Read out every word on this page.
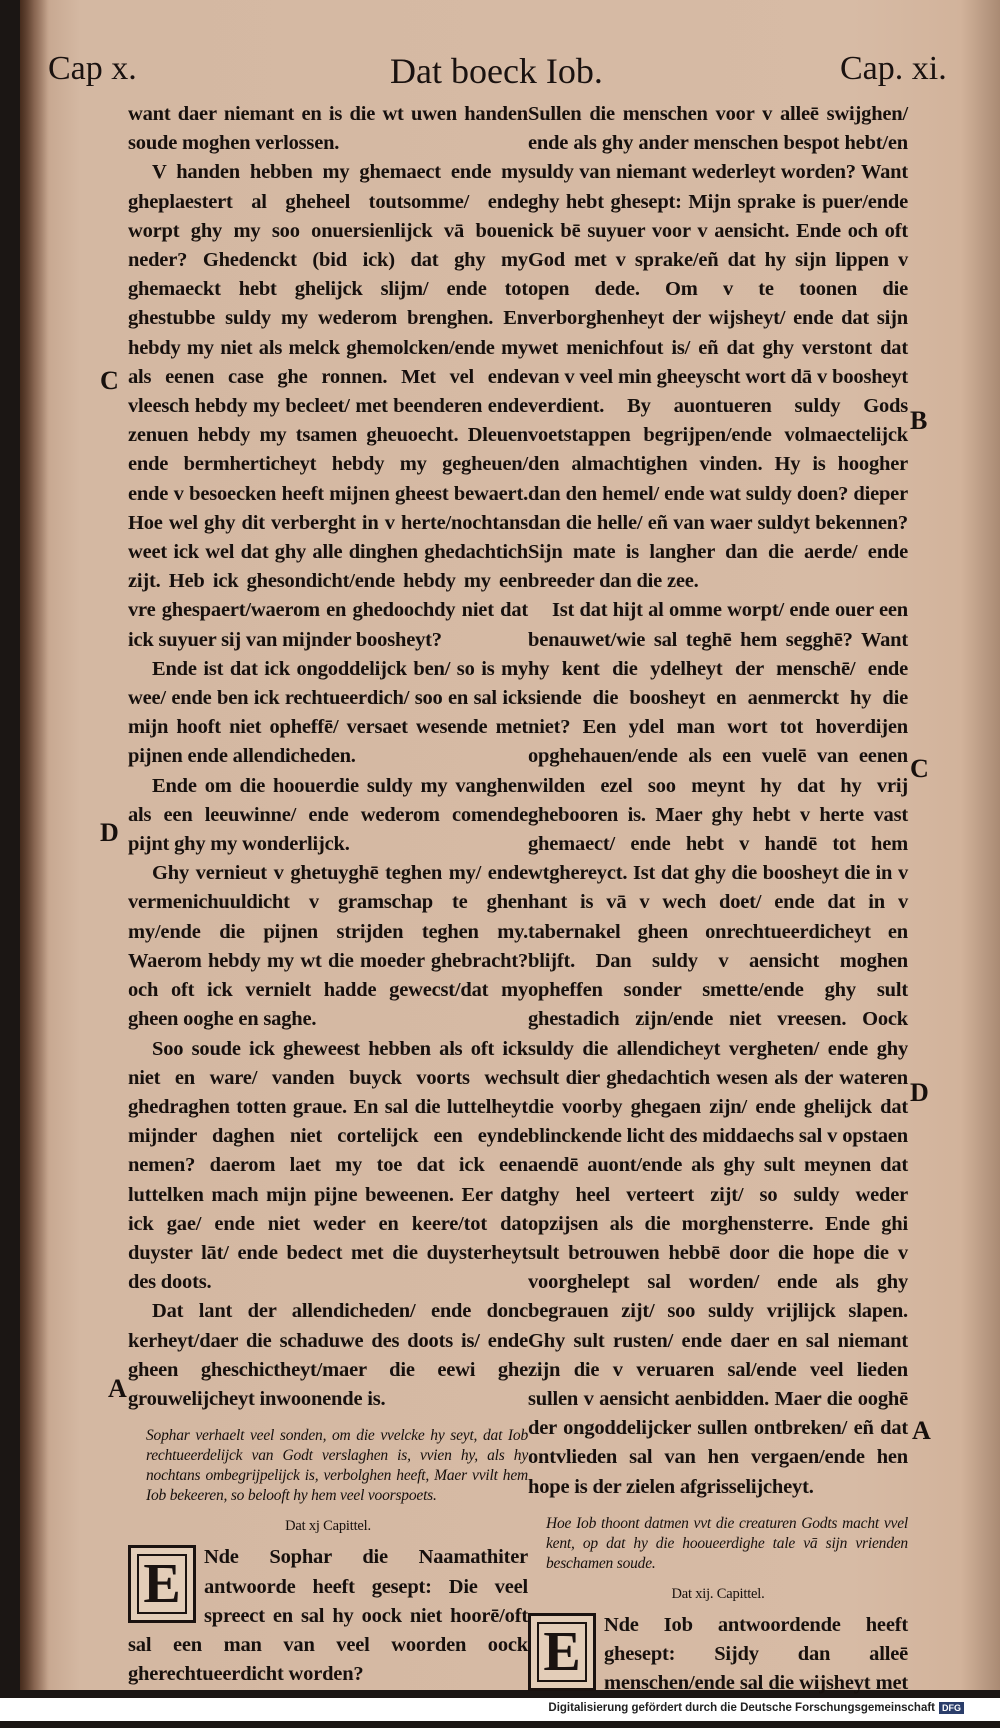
Cap x.	Dat boeck Iob.	Cap. xi.

want daer niemant en is die wt uwen handen soude moghen verlossen.

V handen hebben my ghemaect ende my gheplaestert al gheheel toutsomme/ ende worpt ghy my soo onuersienlijck vā bouen neder? Ghedenckt (bid ick) dat ghy my ghemaeckt hebt ghelijck slijm/ ende tot ghestubbe suldy my wederom brenghen. En hebdy my niet als melck ghemolcken/ende my als eenen case ghe ronnen. Met vel ende vleesch hebdy my becleet/ met beenderen ende zenuen hebdy my tsamen gheuoecht. Dleuen ende bermherticheyt hebdy my gegheuen/ ende v besoecken heeft mijnen gheest bewaert. Hoe wel ghy dit verberght in v herte/nochtans weet ick wel dat ghy alle dinghen ghedachtich zijt. Heb ick ghesondicht/ende hebdy my een vre ghespaert/waerom en ghedoochdy niet dat ick suyuer sij van mijnder boosheyt?

Ende ist dat ick ongoddelijck ben/ so is my wee/ ende ben ick rechtueerdich/ soo en sal ick mijn hooft niet opheffē/ versaet wesende met pijnen ende allendicheden.

Ende om die hoouerdie suldy my vanghen als een leeuwinne/ ende wederom comende pijnt ghy my wonderlijck.

Ghy vernieut v ghetuyghē teghen my/ ende vermenichuuldicht v gramschap te ghen my/ende die pijnen strijden teghen my. Waerom hebdy my wt die moeder ghebracht?och oft ick vernielt hadde gewecst/dat my gheen ooghe en saghe.

Soo soude ick gheweest hebben als oft ick niet en ware/ vanden buyck voorts wech ghedraghen totten graue. En sal die luttelheyt mijnder daghen niet cortelijck een eynde nemen? daerom laet my toe dat ick een luttelken mach mijn pijne beweenen. Eer dat ick gae/ ende niet weder en keere/tot dat duyster lāt/ ende bedect met die duysterheyt des doots.

Dat lant der allendicheden/ ende donc kerheyt/daer die schaduwe des doots is/ ende gheen gheschictheyt/maer die eewi ghe grouwelijcheyt inwoonende is.

Sophar verhaelt veel sonden, om die vvelcke hy seyt, dat Iob rechtueerdelijck van Godt verslaghen is, vvien hy, als hy nochtans ombegrijpelijck is, verbolghen heeft, Maer vvilt hem Iob bekeeren, so belooft hy hem veel voorspoets.

Dat xj Capittel.

E	Nde Sophar die Naamathiter antwoorde heeft gesept: Die veel spreect en sal hy oock niet hoorē/oft sal een man van veel woorden oock gherechtueerdicht worden?

Sullen die menschen voor v alleē swijghen/ ende als ghy ander menschen bespot hebt/en suldy van niemant wederleyt worden? Want ghy hebt ghesept: Mijn sprake is puer/ende ick bē suyuer voor v aensicht. Ende och oft God met v sprake/eñ dat hy sijn lippen v open dede. Om v te toonen die verborghenheyt der wijsheyt/ ende dat sijn wet menichfout is/ eñ dat ghy verstont dat van v veel min gheeyscht wort dā v boosheyt verdient. By auontueren suldy Gods voetstappen begrijpen/ende volmaectelijck den almachtighen vinden. Hy is hoogher dan den hemel/ ende wat suldy doen? dieper dan die helle/ eñ van waer suldyt bekennen? Sijn mate is langher dan die aerde/ ende breeder dan die zee.

Ist dat hijt al omme worpt/ ende ouer een benauwet/wie sal teghē hem segghē? Want hy kent die ydelheyt der menschē/ ende siende die boosheyt en aenmerckt hy die niet? Een ydel man wort tot hoverdijen opghehauen/ende als een vuelē van eenen wilden ezel soo meynt hy dat hy vrij ghebooren is. Maer ghy hebt v herte vast ghemaect/ ende hebt v handē tot hem wtghereyct. Ist dat ghy die boosheyt die in v hant is vā v wech doet/ ende dat in v tabernakel gheen onrechtueerdicheyt en blijft. Dan suldy v aensicht moghen opheffen sonder smette/ende ghy sult ghestadich zijn/ende niet vreesen. Oock suldy die allendicheyt vergheten/ ende ghy sult dier ghedachtich wesen als der wateren die voorby ghegaen zijn/ ende ghelijck dat blinckende licht des middaechs sal v opstaen aendē auont/ende als ghy sult meynen dat ghy heel verteert zijt/ so suldy weder opzijsen als die morghensterre. Ende ghi sult betrouwen hebbē door die hope die v voorghelept sal worden/ ende als ghy begrauen zijt/ soo suldy vrijlijck slapen. Ghy sult rusten/ ende daer en sal niemant zijn die v veruaren sal/ende veel lieden sullen v aensicht aenbidden. Maer die ooghē der ongoddelijcker sullen ontbreken/ eñ dat ontvlieden sal van hen vergaen/ende hen hope is der zielen afgrisselijcheyt.

Hoe Iob thoont datmen vvt die creaturen Godts macht vvel kent, op dat hy die hooueerdighe tale vā sijn vrienden beschamen soude.

Dat xij. Capittel.

E	Nde Iob antwoordende heeft ghesept: Sijdy dan alleē menschen/ende sal die wijsheyt met

C
D
A
B
C
D
A
Digitalisierung gefördert durch die Deutsche Forschungsgemeinschaft DFG
